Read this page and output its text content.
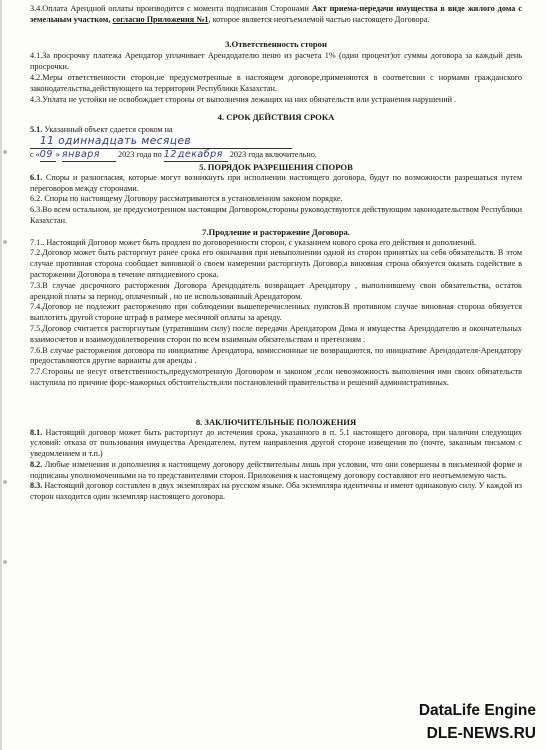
3.4.Оплата Арендной оплаты производится с момента подписания Сторонами Акт приема-передачи имущества в виде жилого дома с земельным участком, согласно Приложения №1, которое является неотъемлемой частью настоящего Договора.

3.Ответственность сторон

4.1.За просрочку платежа Арендатор уплачивает Арендодателю пеню из расчета 1% (один процент)от суммы договора за каждый день просрочки.

4.2.Меры ответственности сторон,не предусмотренные в настоящем договоре,применяются в соответсвии с нормами гражданского законодательства,действующего на территории Республики Казахстан.

4.3.Уплата не устойки не освобождает стороны от выполнения лежащих на них обязательств или устранения нарушений .

4. СРОК ДЕЙСТВИЯ СРОКА

5.1. Указанный объект сдается сроком на

11 одиннадцать месяцев

с «09 » января 2023 года по 12декабря 2023 года включительно.

5. ПОРЯДОК РАЗРЕШЕНИЯ СПОРОВ

6.1. Споры и разногласия, которые могут возникнуть при исполнении настоящего договора, будут по возможности разрешаться путем переговоров между сторонами.

6.2. Споры по настоящему Договору рассматриваются в установленном законом порядке.

6.3.Во всем остальном, не предусмотренном настоящим Договором,стороны руководствуются действующим законодательством Республики Казахстан.

7.Продление и расторжение Договора.

7.1.. Настоящий Договор может быть продлен по договоренности сторон, с указанием нового срока его действия и дополнений.

7.2.Договор может быть расторгнут ранее срока его окончания при невыполнении одной из сторон принятых на себя обязательств. В этом случае противная сторона сообщает виновной о своем намерении расторгнуть Договор,а виновная строна обязуется оказать содействие в расторжении Договора в течение пятидневного срока.

7.3.В случае досрочного расторжения Договора Арендодатель возвращает Арендатору , выполнившему свои обязательства, остаток арендной платы за период, оплаченный , но не использованный Арендатором.

7.4.Договор не подлежит расторжению при соблюдении вышеперечисленных пунктов.В противном случае виновная сторона обязуется выплотить другой стороне штраф в размере месячной оплаты за аренду.

7.5.Договор считается расторгнутым (утратившим силу) после передачи Арендатором Дома и имущества Арендодателю и окончательных взаимосчетов и взаимоудовлетворения сторон по всем взаимным обязательствам и претензиям .

7.6.В случае расторжения договора по инициативе Арендатора, комиссионные не возвращаются, по инициативе Арендодателя-Арендатору предоставляются другие варианты для аренды .

7.7.Стороны не несут ответственность,предусмотренную Договором и законом ,если невозможность выполнения ими своих обязательств наступила по причине форс-мажорных обстоятельств,или постановлений правительства и решений административных.

8. ЗАКЛЮЧИТЕЛЬНЫЕ ПОЛОЖЕНИЯ

8.1. Настоящий договор может быть расторгнут до истечения срока, указанного в п. 5.1 настоящего договора, при наличии следующих условий: отказа от пользования имущества Арендателем, путем направления другой стороне извещения по (почте, заказным письмом с уведомлением и т.п.)

8.2. Любые изменения и дополнения к настоящему договору действительны лишь при условии, что они совершены в письменной форме и подписаны уполномоченными на то представителями сторон. Приложения к настоящему договору составляют его неотъемлемую часть.

8.3. Настоящий договор составлен в двух экземплярах на русском языке. Оба экземпляра идентичны и имеют одинаковую силу. У каждой из сторон находится один экземпляр настоящего договора.

DataLife Engine
DLE-NEWS.RU
